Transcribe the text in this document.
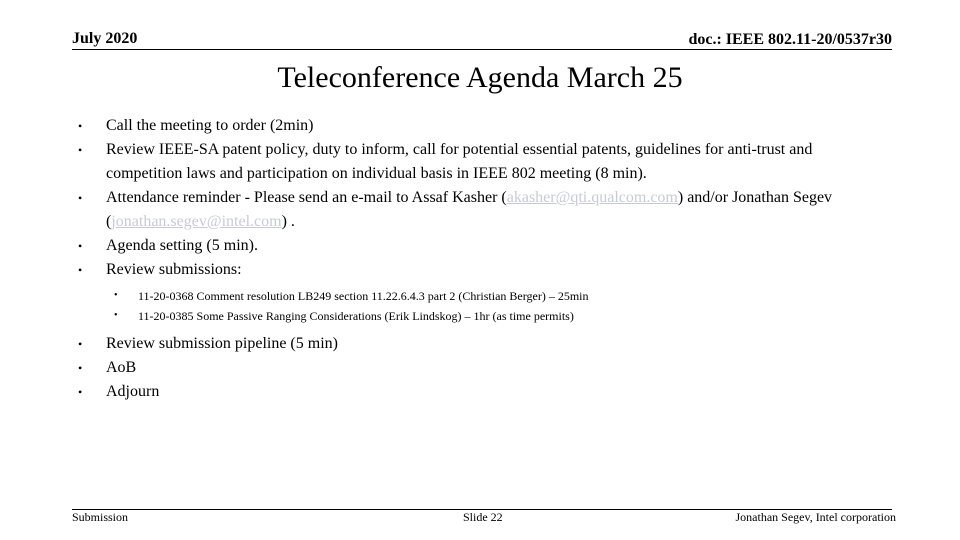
July 2020	doc.: IEEE 802.11-20/0537r30
Teleconference Agenda March 25
• Call the meeting to order (2min)
• Review IEEE-SA patent policy, duty to inform, call for potential essential patents, guidelines for anti-trust and competition laws and participation on individual basis in IEEE 802 meeting (8 min).
• Attendance reminder - Please send an e-mail to Assaf Kasher (akasher@qti.qualcom.com) and/or Jonathan Segev (jonathan.segev@intel.com) .
• Agenda setting (5 min).
• Review submissions:
• 11-20-0368 Comment resolution LB249 section 11.22.6.4.3 part 2 (Christian Berger) – 25min
• 11-20-0385 Some Passive Ranging Considerations (Erik Lindskog) – 1hr (as time permits)
• Review submission pipeline (5 min)
• AoB
• Adjourn
Submission	Slide 22	Jonathan Segev, Intel corporation
